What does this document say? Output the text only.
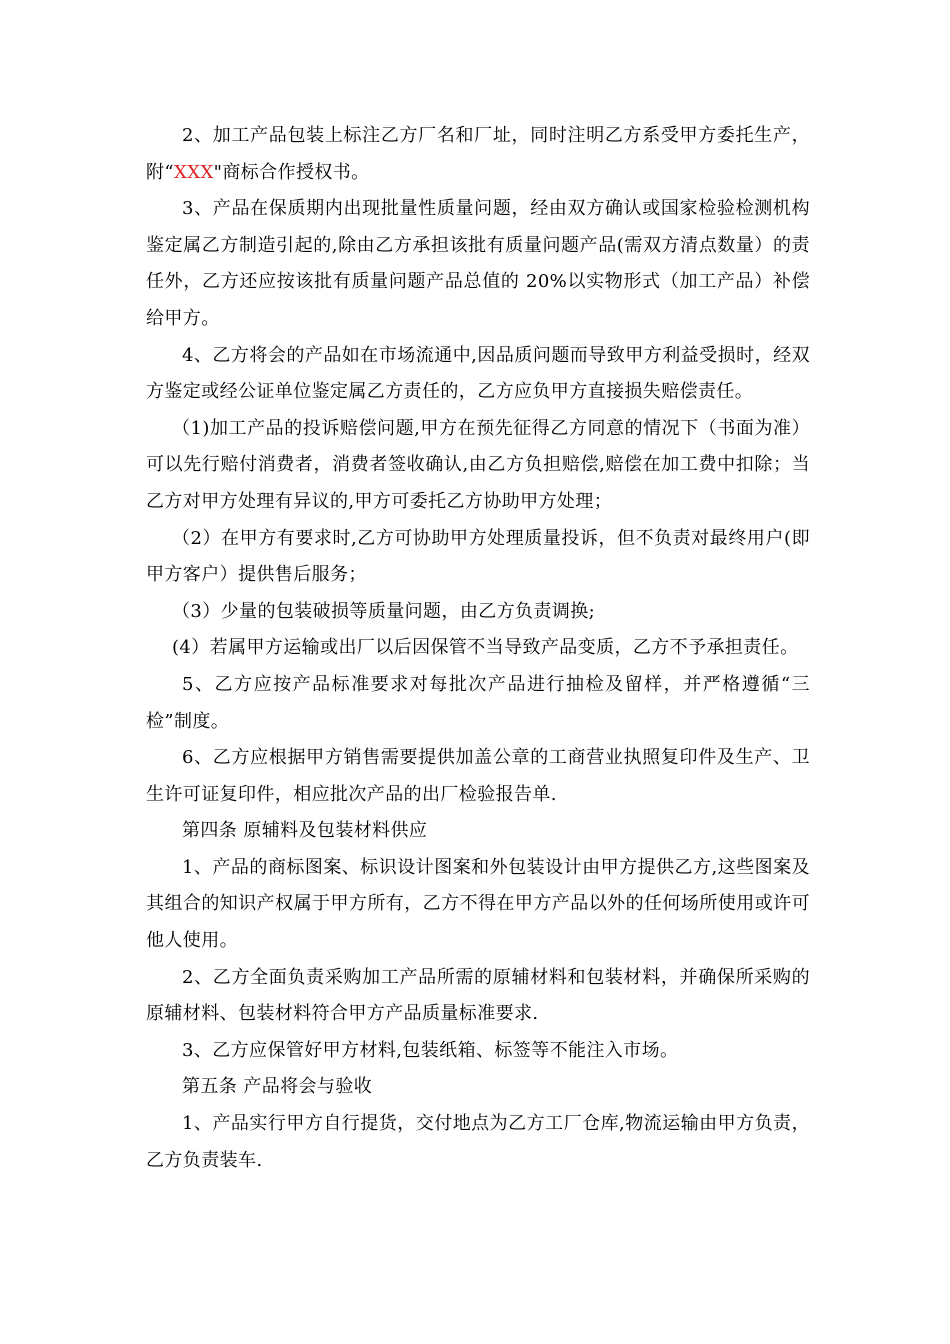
2、加工产品包装上标注乙方厂名和厂址，同时注明乙方系受甲方委托生产，附“XXX"商标合作授权书。

3、产品在保质期内出现批量性质量问题，经由双方确认或国家检验检测机构鉴定属乙方制造引起的,除由乙方承担该批有质量问题产品(需双方清点数量）的责任外，乙方还应按该批有质量问题产品总值的 20%以实物形式（加工产品）补偿给甲方。

4、乙方将会的产品如在市场流通中,因品质问题而导致甲方利益受损时，经双方鉴定或经公证单位鉴定属乙方责任的，乙方应负甲方直接损失赔偿责任。

（1)加工产品的投诉赔偿问题,甲方在预先征得乙方同意的情况下（书面为准）可以先行赔付消费者，消费者签收确认,由乙方负担赔偿,赔偿在加工费中扣除；当乙方对甲方处理有异议的,甲方可委托乙方协助甲方处理；

（2）在甲方有要求时,乙方可协助甲方处理质量投诉，但不负责对最终用户(即甲方客户）提供售后服务；

（3）少量的包装破损等质量问题，由乙方负责调换;

(4）若属甲方运输或出厂以后因保管不当导致产品变质，乙方不予承担责任。

5、乙方应按产品标准要求对每批次产品进行抽检及留样，并严格遵循“三检”制度。

6、乙方应根据甲方销售需要提供加盖公章的工商营业执照复印件及生产、卫生许可证复印件，相应批次产品的出厂检验报告单.

第四条 原辅料及包装材料供应

1、产品的商标图案、标识设计图案和外包装设计由甲方提供乙方,这些图案及其组合的知识产权属于甲方所有，乙方不得在甲方产品以外的任何场所使用或许可他人使用。

2、乙方全面负责采购加工产品所需的原辅材料和包装材料，并确保所采购的原辅材料、包装材料符合甲方产品质量标准要求.

3、乙方应保管好甲方材料,包装纸箱、标签等不能注入市场。

第五条 产品将会与验收

1、产品实行甲方自行提货，交付地点为乙方工厂仓库,物流运输由甲方负责，乙方负责装车.
